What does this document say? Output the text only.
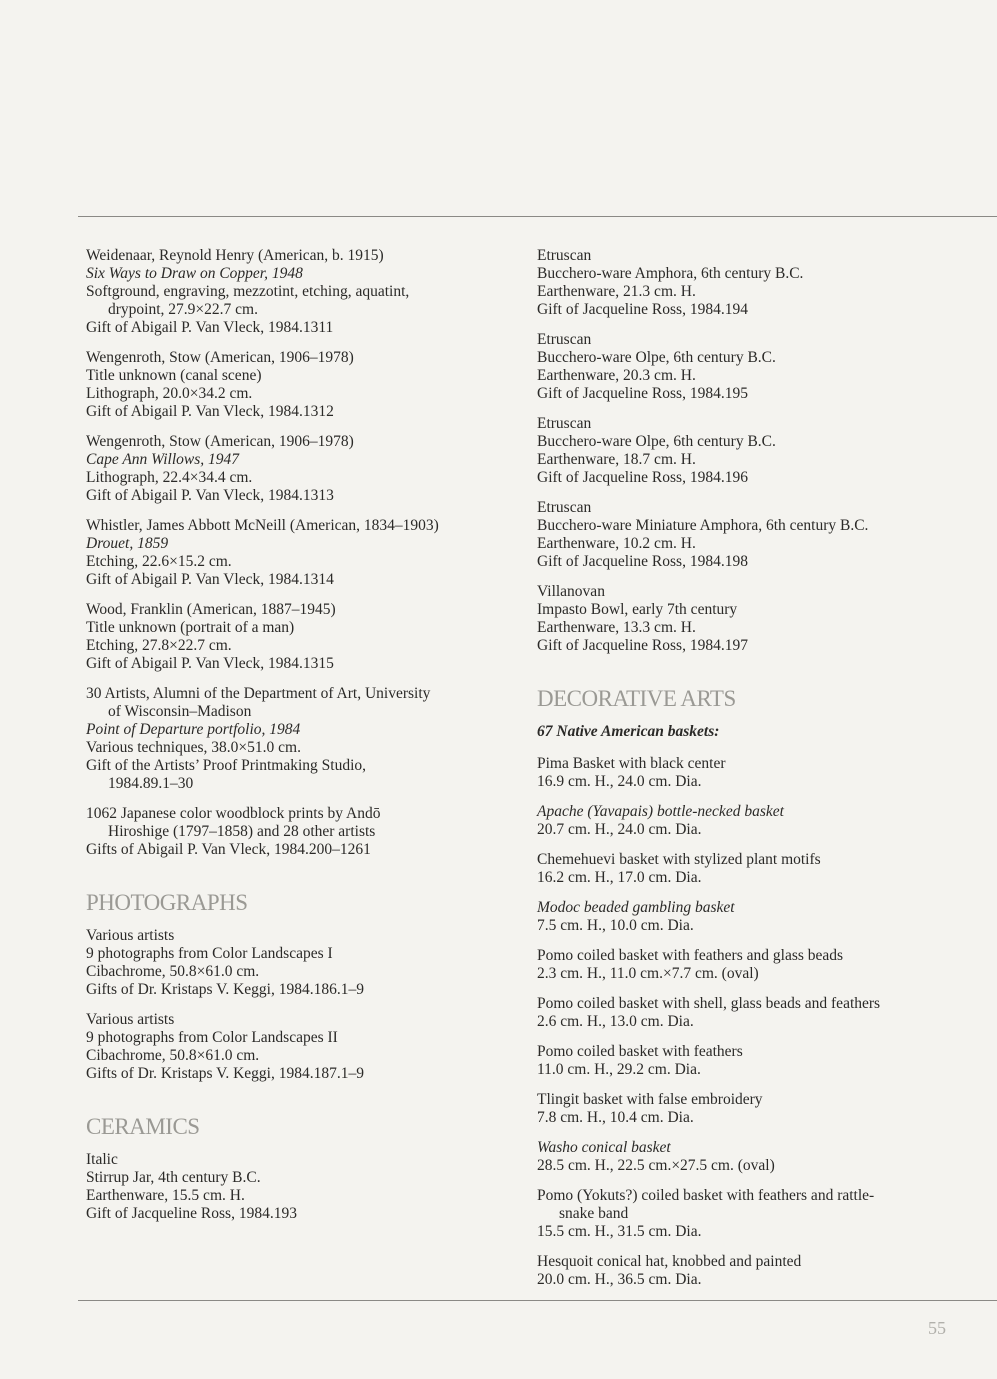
Weidenaar, Reynold Henry (American, b. 1915)
Six Ways to Draw on Copper, 1948
Softground, engraving, mezzotint, etching, aquatint,
drypoint, 27.9×22.7 cm.
Gift of Abigail P. Van Vleck, 1984.1311
Wengenroth, Stow (American, 1906–1978)
Title unknown (canal scene)
Lithograph, 20.0×34.2 cm.
Gift of Abigail P. Van Vleck, 1984.1312
Wengenroth, Stow (American, 1906–1978)
Cape Ann Willows, 1947
Lithograph, 22.4×34.4 cm.
Gift of Abigail P. Van Vleck, 1984.1313
Whistler, James Abbott McNeill (American, 1834–1903)
Drouet, 1859
Etching, 22.6×15.2 cm.
Gift of Abigail P. Van Vleck, 1984.1314
Wood, Franklin (American, 1887–1945)
Title unknown (portrait of a man)
Etching, 27.8×22.7 cm.
Gift of Abigail P. Van Vleck, 1984.1315
30 Artists, Alumni of the Department of Art, University
of Wisconsin–Madison
Point of Departure portfolio, 1984
Various techniques, 38.0×51.0 cm.
Gift of the Artists’ Proof Printmaking Studio,
1984.89.1–30
1062 Japanese color woodblock prints by Andō
Hiroshige (1797–1858) and 28 other artists
Gifts of Abigail P. Van Vleck, 1984.200–1261
PHOTOGRAPHS
Various artists
9 photographs from Color Landscapes I
Cibachrome, 50.8×61.0 cm.
Gifts of Dr. Kristaps V. Keggi, 1984.186.1–9
Various artists
9 photographs from Color Landscapes II
Cibachrome, 50.8×61.0 cm.
Gifts of Dr. Kristaps V. Keggi, 1984.187.1–9
CERAMICS
Italic
Stirrup Jar, 4th century B.C.
Earthenware, 15.5 cm. H.
Gift of Jacqueline Ross, 1984.193
Etruscan
Bucchero-ware Amphora, 6th century B.C.
Earthenware, 21.3 cm. H.
Gift of Jacqueline Ross, 1984.194
Etruscan
Bucchero-ware Olpe, 6th century B.C.
Earthenware, 20.3 cm. H.
Gift of Jacqueline Ross, 1984.195
Etruscan
Bucchero-ware Olpe, 6th century B.C.
Earthenware, 18.7 cm. H.
Gift of Jacqueline Ross, 1984.196
Etruscan
Bucchero-ware Miniature Amphora, 6th century B.C.
Earthenware, 10.2 cm. H.
Gift of Jacqueline Ross, 1984.198
Villanovan
Impasto Bowl, early 7th century
Earthenware, 13.3 cm. H.
Gift of Jacqueline Ross, 1984.197
DECORATIVE ARTS
67 Native American baskets:
Pima Basket with black center
16.9 cm. H., 24.0 cm. Dia.
Apache (Yavapais) bottle-necked basket
20.7 cm. H., 24.0 cm. Dia.
Chemehuevi basket with stylized plant motifs
16.2 cm. H., 17.0 cm. Dia.
Modoc beaded gambling basket
7.5 cm. H., 10.0 cm. Dia.
Pomo coiled basket with feathers and glass beads
2.3 cm. H., 11.0 cm.×7.7 cm. (oval)
Pomo coiled basket with shell, glass beads and feathers
2.6 cm. H., 13.0 cm. Dia.
Pomo coiled basket with feathers
11.0 cm. H., 29.2 cm. Dia.
Tlingit basket with false embroidery
7.8 cm. H., 10.4 cm. Dia.
Washo conical basket
28.5 cm. H., 22.5 cm.×27.5 cm. (oval)
Pomo (Yokuts?) coiled basket with feathers and rattle-
snake band
15.5 cm. H., 31.5 cm. Dia.
Hesquoit conical hat, knobbed and painted
20.0 cm. H., 36.5 cm. Dia.
55
